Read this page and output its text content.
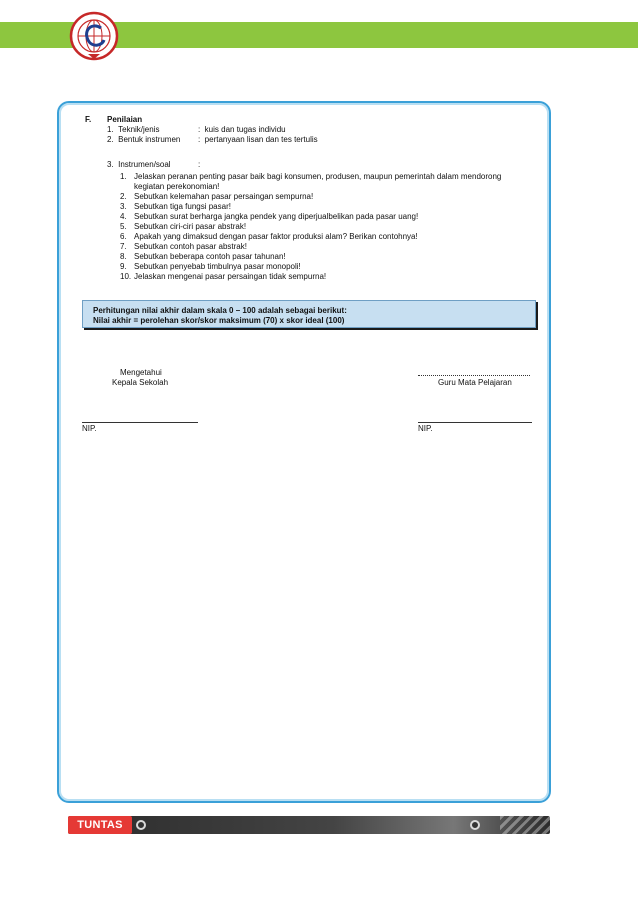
F. Penilaian
1.  Teknik/jenis	:  kuis dan tugas individu
2.  Bentuk instrumen :  pertanyaan lisan dan tes tertulis
3.  Instrumen/soal	:
1. Jelaskan peranan penting pasar baik bagi konsumen, produsen, maupun pemerintah dalam mendorong
kegiatan perekonomian!
2. Sebutkan kelemahan pasar persaingan sempurna!
3. Sebutkan tiga fungsi pasar!
4. Sebutkan surat berharga jangka pendek yang diperjualbelikan pada pasar uang!
5. Sebutkan ciri-ciri pasar abstrak!
6. Apakah yang dimaksud dengan pasar faktor produksi alam? Berikan contohnya!
7. Sebutkan contoh pasar abstrak!
8. Sebutkan beberapa contoh pasar tahunan!
9. Sebutkan penyebab timbulnya pasar monopoli!
10. Jelaskan mengenai pasar persaingan tidak sempurna!
Perhitungan nilai akhir dalam skala 0 – 100 adalah sebagai berikut:
Nilai akhir = perolehan skor/skor maksimum (70) x skor ideal (100)
Mengetahui
Kepala Sekolah	Guru Mata Pelajaran
NIP.	NIP.
TUNTAS
